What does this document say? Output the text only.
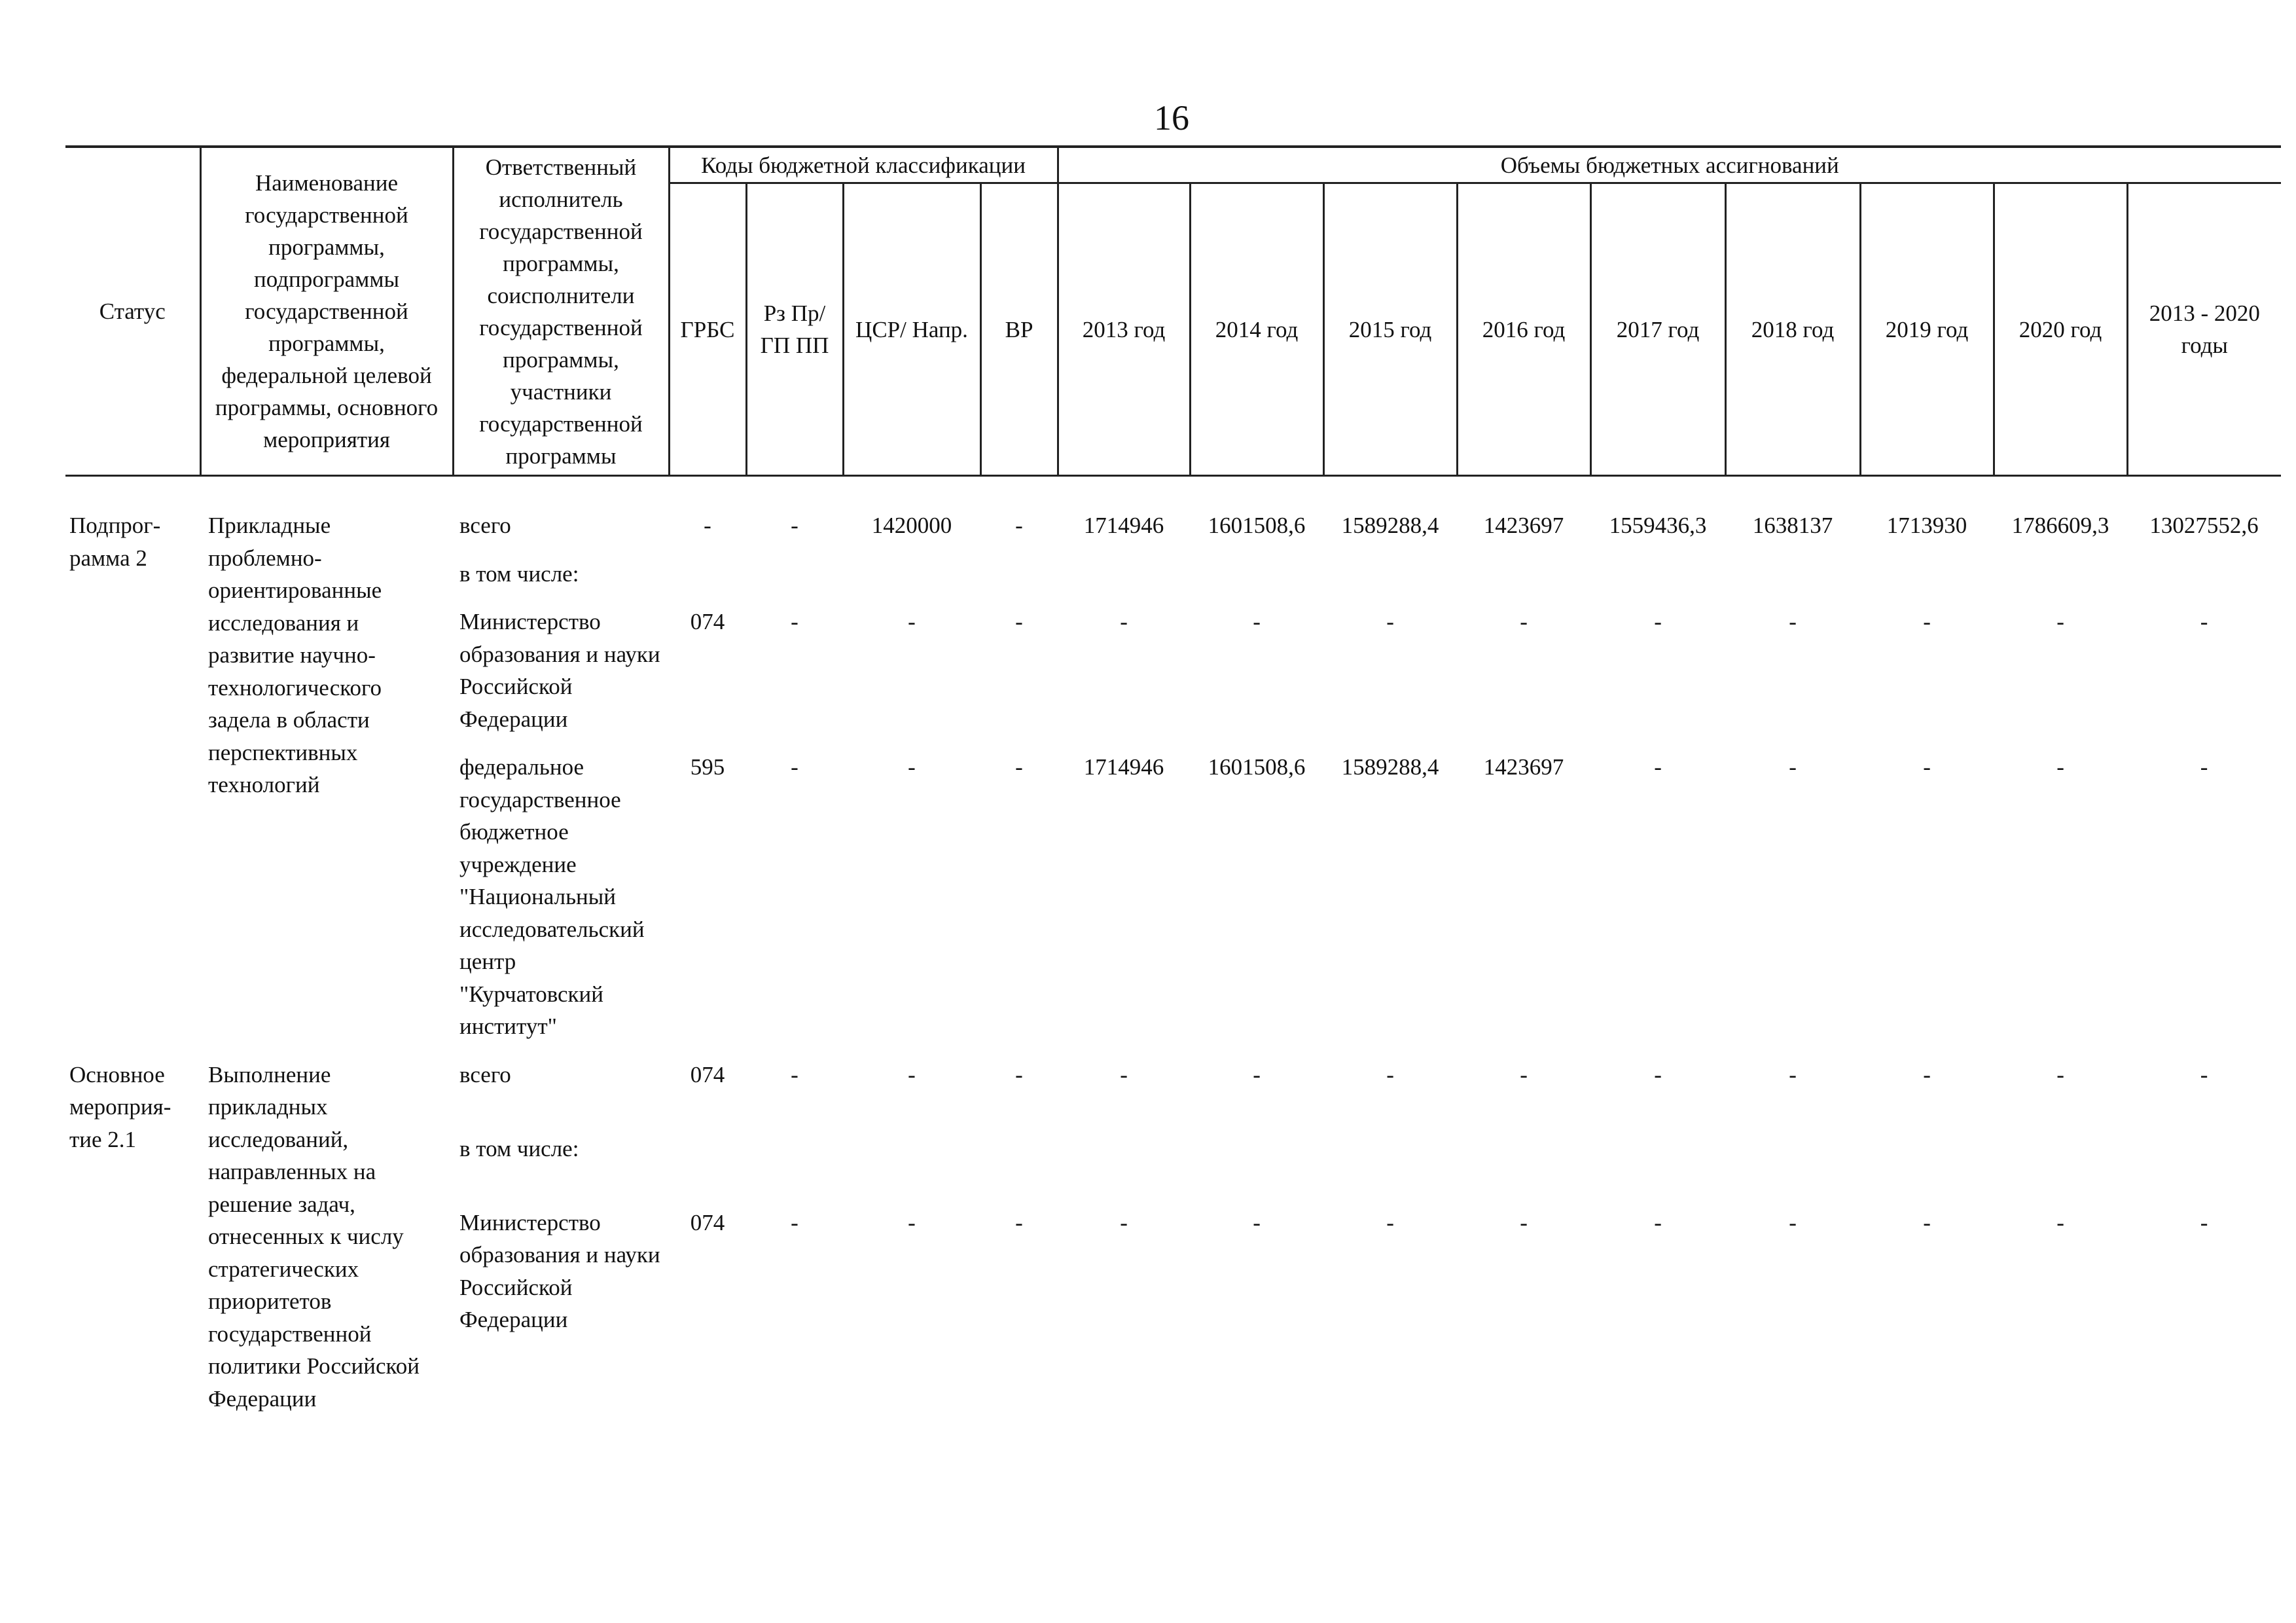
16
Статус	Наименование государственной программы, подпрограммы государственной программы, федеральной целевой программы, основного мероприятия	Ответственный исполнитель государственной программы, соисполнители государственной программы, участники государственной программы	Коды бюджетной классификации				Объемы бюджетных ассигнований								
			ГРБС	Рз Пр/ ГП ПП	ЦСР/ Напр.	ВР	2013 год	2014 год	2015 год	2016 год	2017 год	2018 год	2019 год	2020 год	2013 - 2020 годы

Подпрог-рамма 2	Прикладные проблемно-ориентированные исследования и развитие научно-технологического задела в области перспективных технологий	всего	-	-	1420000	-	1714946	1601508,6	1589288,4	1423697	1559436,3	1638137	1713930	1786609,3	13027552,6
		в том числе:													
		Министерство образования и науки Российской Федерации	074	-	-	-	-	-	-	-	-	-	-	-	-
		федеральное государственное бюджетное учреждение "Национальный исследовательский центр "Курчатовский институт"	595	-	-	-	1714946	1601508,6	1589288,4	1423697	-	-	-	-	-
Основное мероприя-тие 2.1	Выполнение прикладных исследований, направленных на решение задач, отнесенных к числу стратегических приоритетов государственной политики Российской Федерации	всего	074	-	-	-	-	-	-	-	-	-	-	-	-
		в том числе:													
		Министерство образования и науки Российской Федерации	074	-	-	-	-	-	-	-	-	-	-	-	-
